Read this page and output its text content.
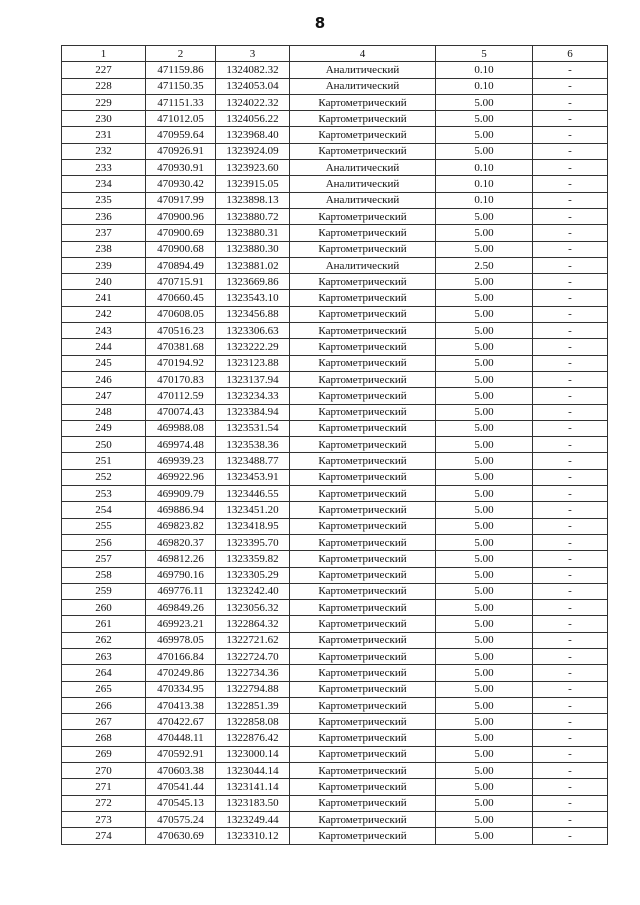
8
1	2	3	4	5	6
227	471159.86	1324082.32	Аналитический	0.10	-
228	471150.35	1324053.04	Аналитический	0.10	-
229	471151.33	1324022.32	Картометрический	5.00	-
230	471012.05	1324056.22	Картометрический	5.00	-
231	470959.64	1323968.40	Картометрический	5.00	-
232	470926.91	1323924.09	Картометрический	5.00	-
233	470930.91	1323923.60	Аналитический	0.10	-
234	470930.42	1323915.05	Аналитический	0.10	-
235	470917.99	1323898.13	Аналитический	0.10	-
236	470900.96	1323880.72	Картометрический	5.00	-
237	470900.69	1323880.31	Картометрический	5.00	-
238	470900.68	1323880.30	Картометрический	5.00	-
239	470894.49	1323881.02	Аналитический	2.50	-
240	470715.91	1323669.86	Картометрический	5.00	-
241	470660.45	1323543.10	Картометрический	5.00	-
242	470608.05	1323456.88	Картометрический	5.00	-
243	470516.23	1323306.63	Картометрический	5.00	-
244	470381.68	1323222.29	Картометрический	5.00	-
245	470194.92	1323123.88	Картометрический	5.00	-
246	470170.83	1323137.94	Картометрический	5.00	-
247	470112.59	1323234.33	Картометрический	5.00	-
248	470074.43	1323384.94	Картометрический	5.00	-
249	469988.08	1323531.54	Картометрический	5.00	-
250	469974.48	1323538.36	Картометрический	5.00	-
251	469939.23	1323488.77	Картометрический	5.00	-
252	469922.96	1323453.91	Картометрический	5.00	-
253	469909.79	1323446.55	Картометрический	5.00	-
254	469886.94	1323451.20	Картометрический	5.00	-
255	469823.82	1323418.95	Картометрический	5.00	-
256	469820.37	1323395.70	Картометрический	5.00	-
257	469812.26	1323359.82	Картометрический	5.00	-
258	469790.16	1323305.29	Картометрический	5.00	-
259	469776.11	1323242.40	Картометрический	5.00	-
260	469849.26	1323056.32	Картометрический	5.00	-
261	469923.21	1322864.32	Картометрический	5.00	-
262	469978.05	1322721.62	Картометрический	5.00	-
263	470166.84	1322724.70	Картометрический	5.00	-
264	470249.86	1322734.36	Картометрический	5.00	-
265	470334.95	1322794.88	Картометрический	5.00	-
266	470413.38	1322851.39	Картометрический	5.00	-
267	470422.67	1322858.08	Картометрический	5.00	-
268	470448.11	1322876.42	Картометрический	5.00	-
269	470592.91	1323000.14	Картометрический	5.00	-
270	470603.38	1323044.14	Картометрический	5.00	-
271	470541.44	1323141.14	Картометрический	5.00	-
272	470545.13	1323183.50	Картометрический	5.00	-
273	470575.24	1323249.44	Картометрический	5.00	-
274	470630.69	1323310.12	Картометрический	5.00	-
